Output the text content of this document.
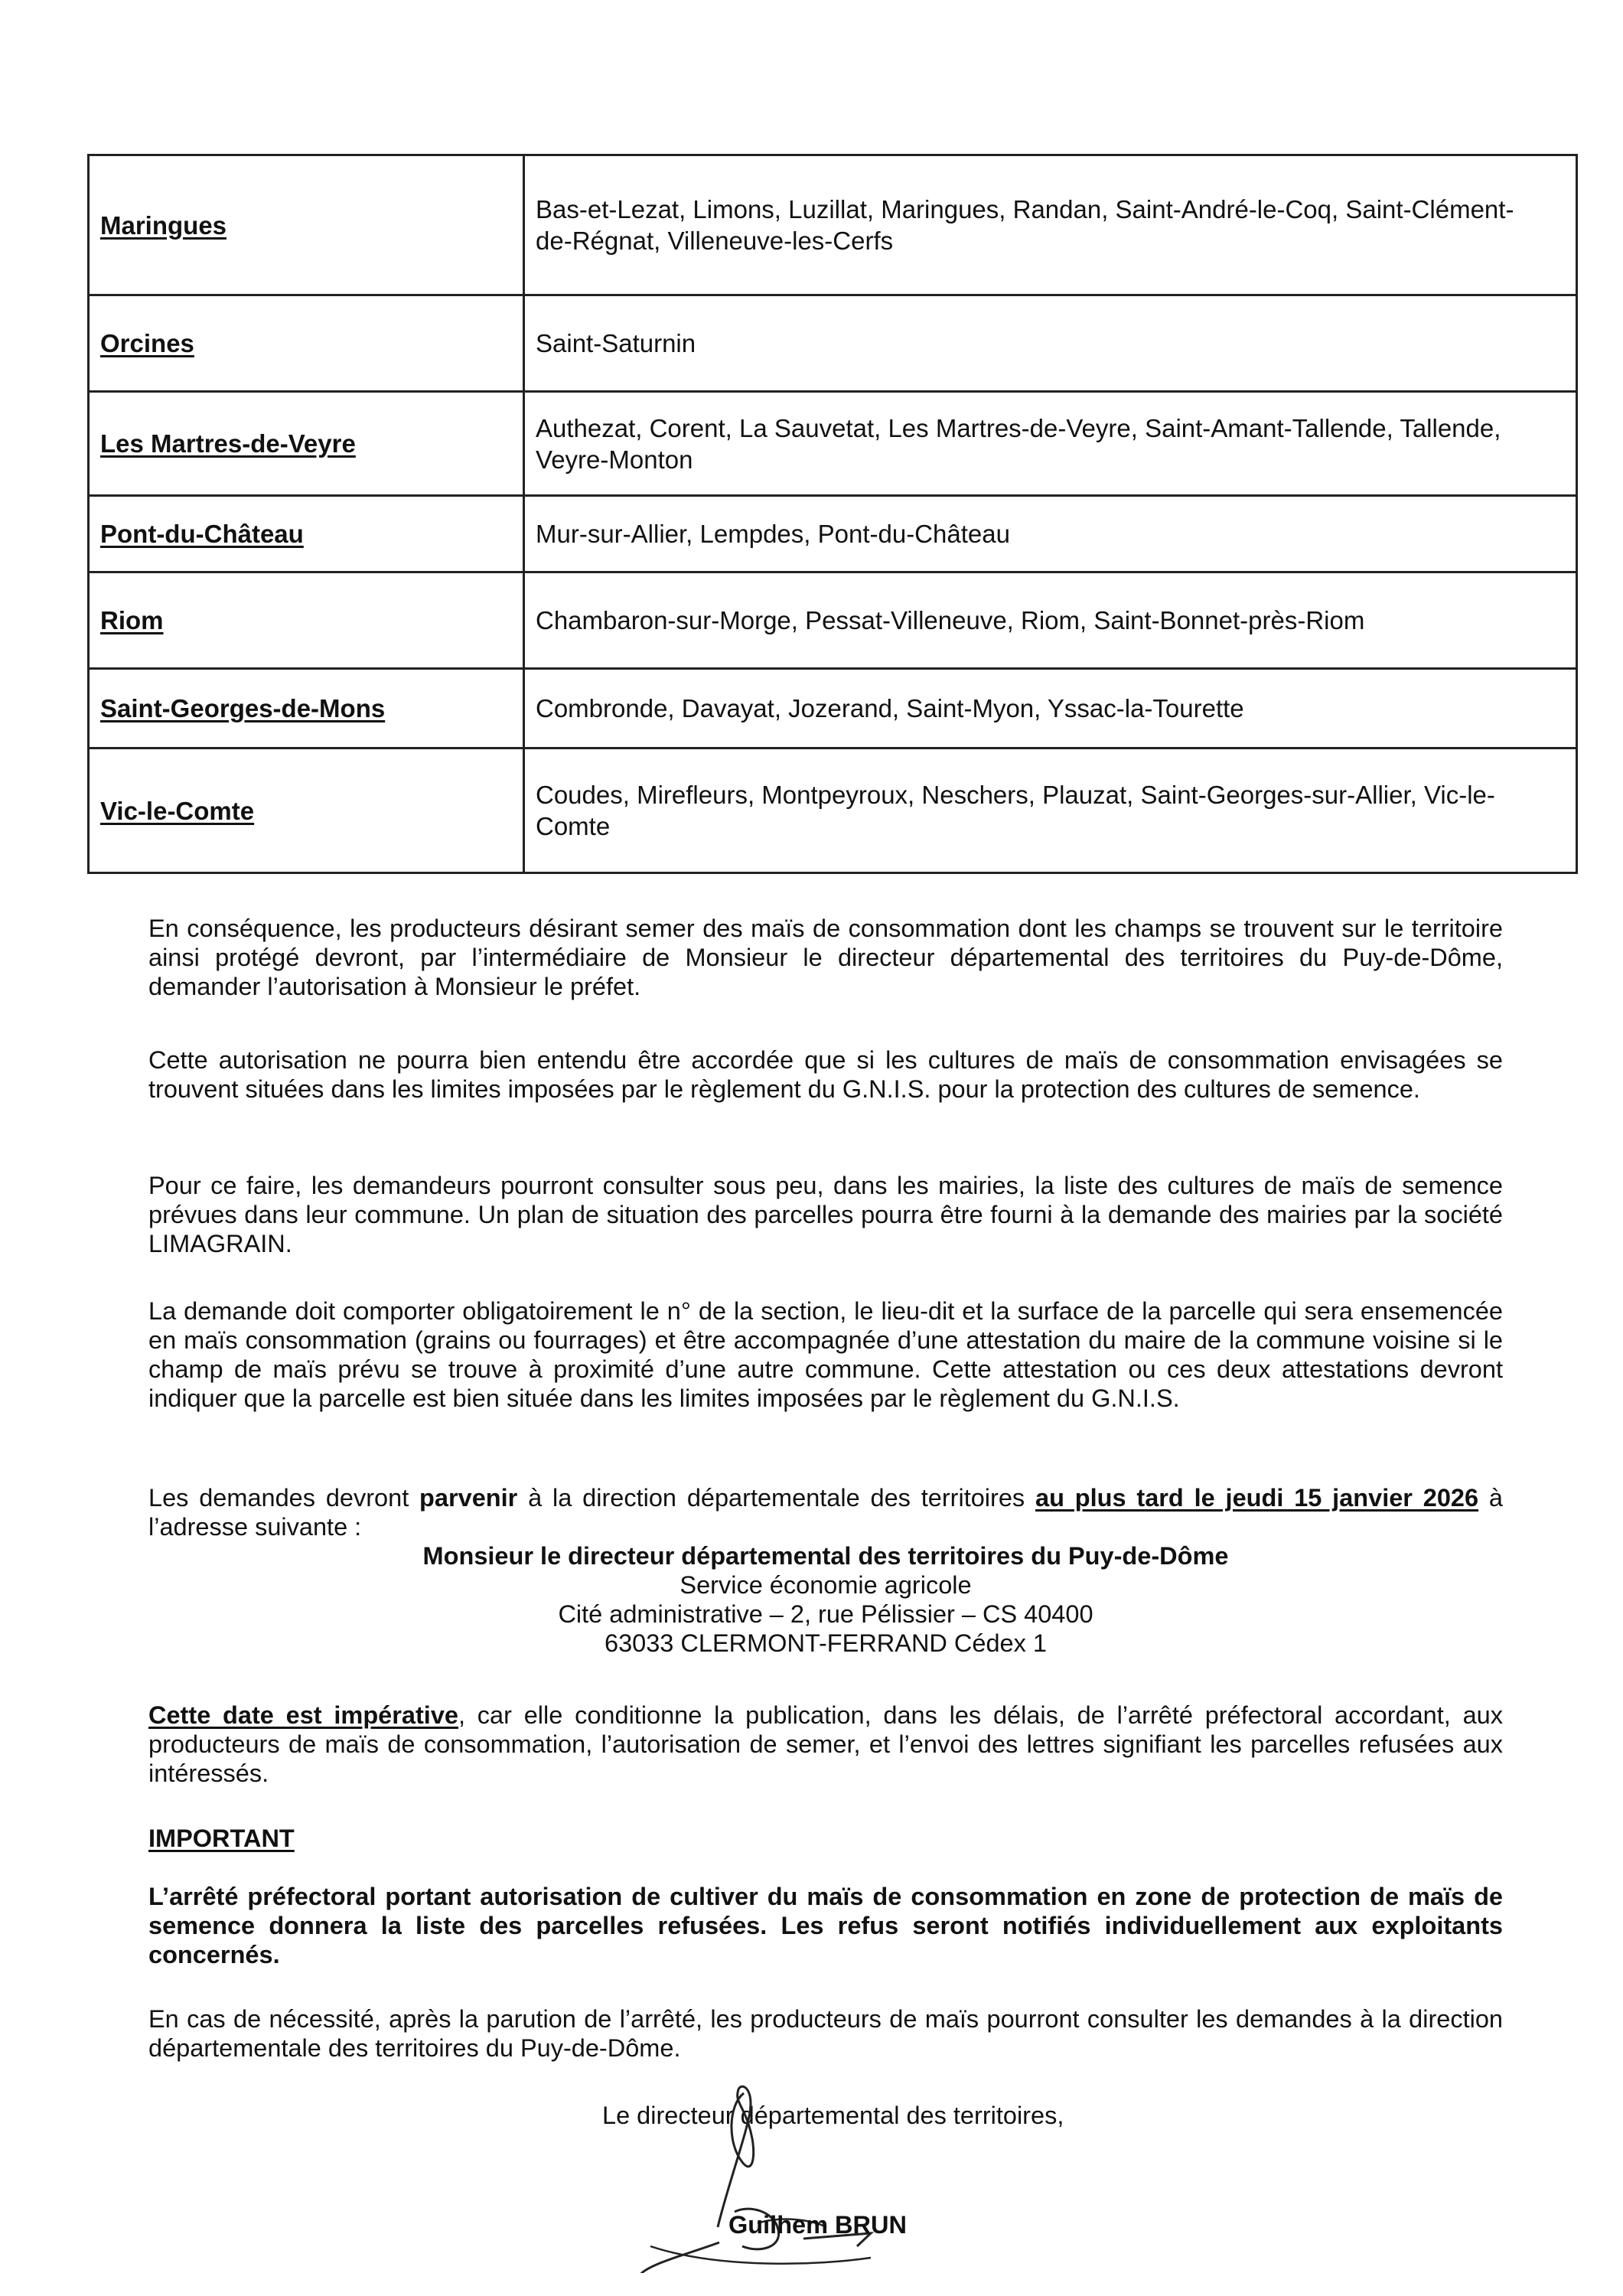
Maringues	Bas-et-Lezat, Limons, Luzillat, Maringues, Randan, Saint-André-le-Coq, Saint-Clément-de-Régnat, Villeneuve-les-Cerfs
Orcines	Saint-Saturnin
Les Martres-de-Veyre	Authezat, Corent, La Sauvetat, Les Martres-de-Veyre, Saint-Amant-Tallende, Tallende, Veyre-Monton
Pont-du-Château	Mur-sur-Allier, Lempdes, Pont-du-Château
Riom	Chambaron-sur-Morge, Pessat-Villeneuve, Riom, Saint-Bonnet-près-Riom
Saint-Georges-de-Mons	Combronde, Davayat, Jozerand, Saint-Myon, Yssac-la-Tourette
Vic-le-Comte	Coudes, Mirefleurs, Montpeyroux, Neschers, Plauzat, Saint-Georges-sur-Allier, Vic-le-Comte

En conséquence, les producteurs désirant semer des maïs de consommation dont les champs se trouvent sur le territoire ainsi protégé devront, par l’intermédiaire de Monsieur le directeur départemental des territoires du Puy-de-Dôme, demander l’autorisation à Monsieur le préfet.

Cette autorisation ne pourra bien entendu être accordée que si les cultures de maïs de consommation envisagées se trouvent situées dans les limites imposées par le règlement du G.N.I.S. pour la protection des cultures de semence.

Pour ce faire, les demandeurs pourront consulter sous peu, dans les mairies, la liste des cultures de maïs de semence prévues dans leur commune. Un plan de situation des parcelles pourra être fourni à la demande des mairies par la société LIMAGRAIN.

La demande doit comporter obligatoirement le n° de la section, le lieu-dit et la surface de la parcelle qui sera ensemencée en maïs consommation (grains ou fourrages) et être accompagnée d’une attestation du maire de la commune voisine si le champ de maïs prévu se trouve à proximité d’une autre commune. Cette attestation ou ces deux attestations devront indiquer que la parcelle est bien située dans les limites imposées par le règlement du G.N.I.S.

Les demandes devront parvenir à la direction départementale des territoires au plus tard le jeudi 15 janvier 2026 à l’adresse suivante :

Monsieur le directeur départemental des territoires du Puy-de-Dôme
Service économie agricole
Cité administrative – 2, rue Pélissier – CS 40400
63033 CLERMONT-FERRAND Cédex 1

Cette date est impérative, car elle conditionne la publication, dans les délais, de l’arrêté préfectoral accordant, aux producteurs de maïs de consommation, l’autorisation de semer, et l’envoi des lettres signifiant les parcelles refusées aux intéressés.

IMPORTANT

L’arrêté préfectoral portant autorisation de cultiver du maïs de consommation en zone de protection de maïs de semence donnera la liste des parcelles refusées. Les refus seront notifiés individuellement aux exploitants concernés.

En cas de nécessité, après la parution de l’arrêté, les producteurs de maïs pourront consulter les demandes à la direction départementale des territoires du Puy-de-Dôme.

Le directeur départemental des territoires,
Guilhem BRUN
